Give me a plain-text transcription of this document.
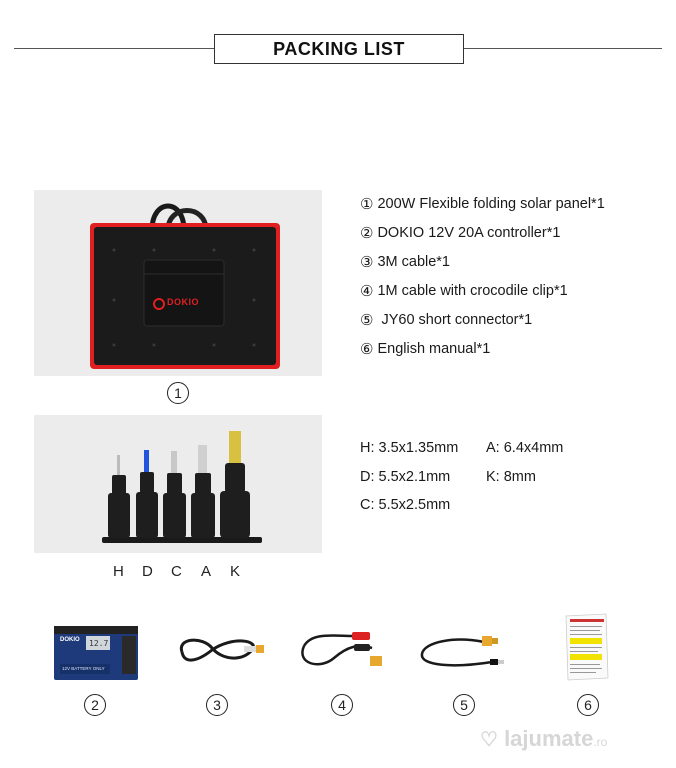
PACKING LIST
DOKIO
1
① 200W Flexible folding solar panel*1
② DOKIO 12V 20A controller*1
③ 3M cable*1
④ 1M cable with crocodile clip*1
⑤ JY60 short connector*1
⑥ English manual*1
H D C A K
H: 3.5x1.35mm A: 6.4x4mm
D: 5.5x2.1mm K: 8mm
C: 5.5x2.5mm
DOKIO 12.7
12V BATTERY ONLY
2	3	4	5	6
♡ lajumate.ro
